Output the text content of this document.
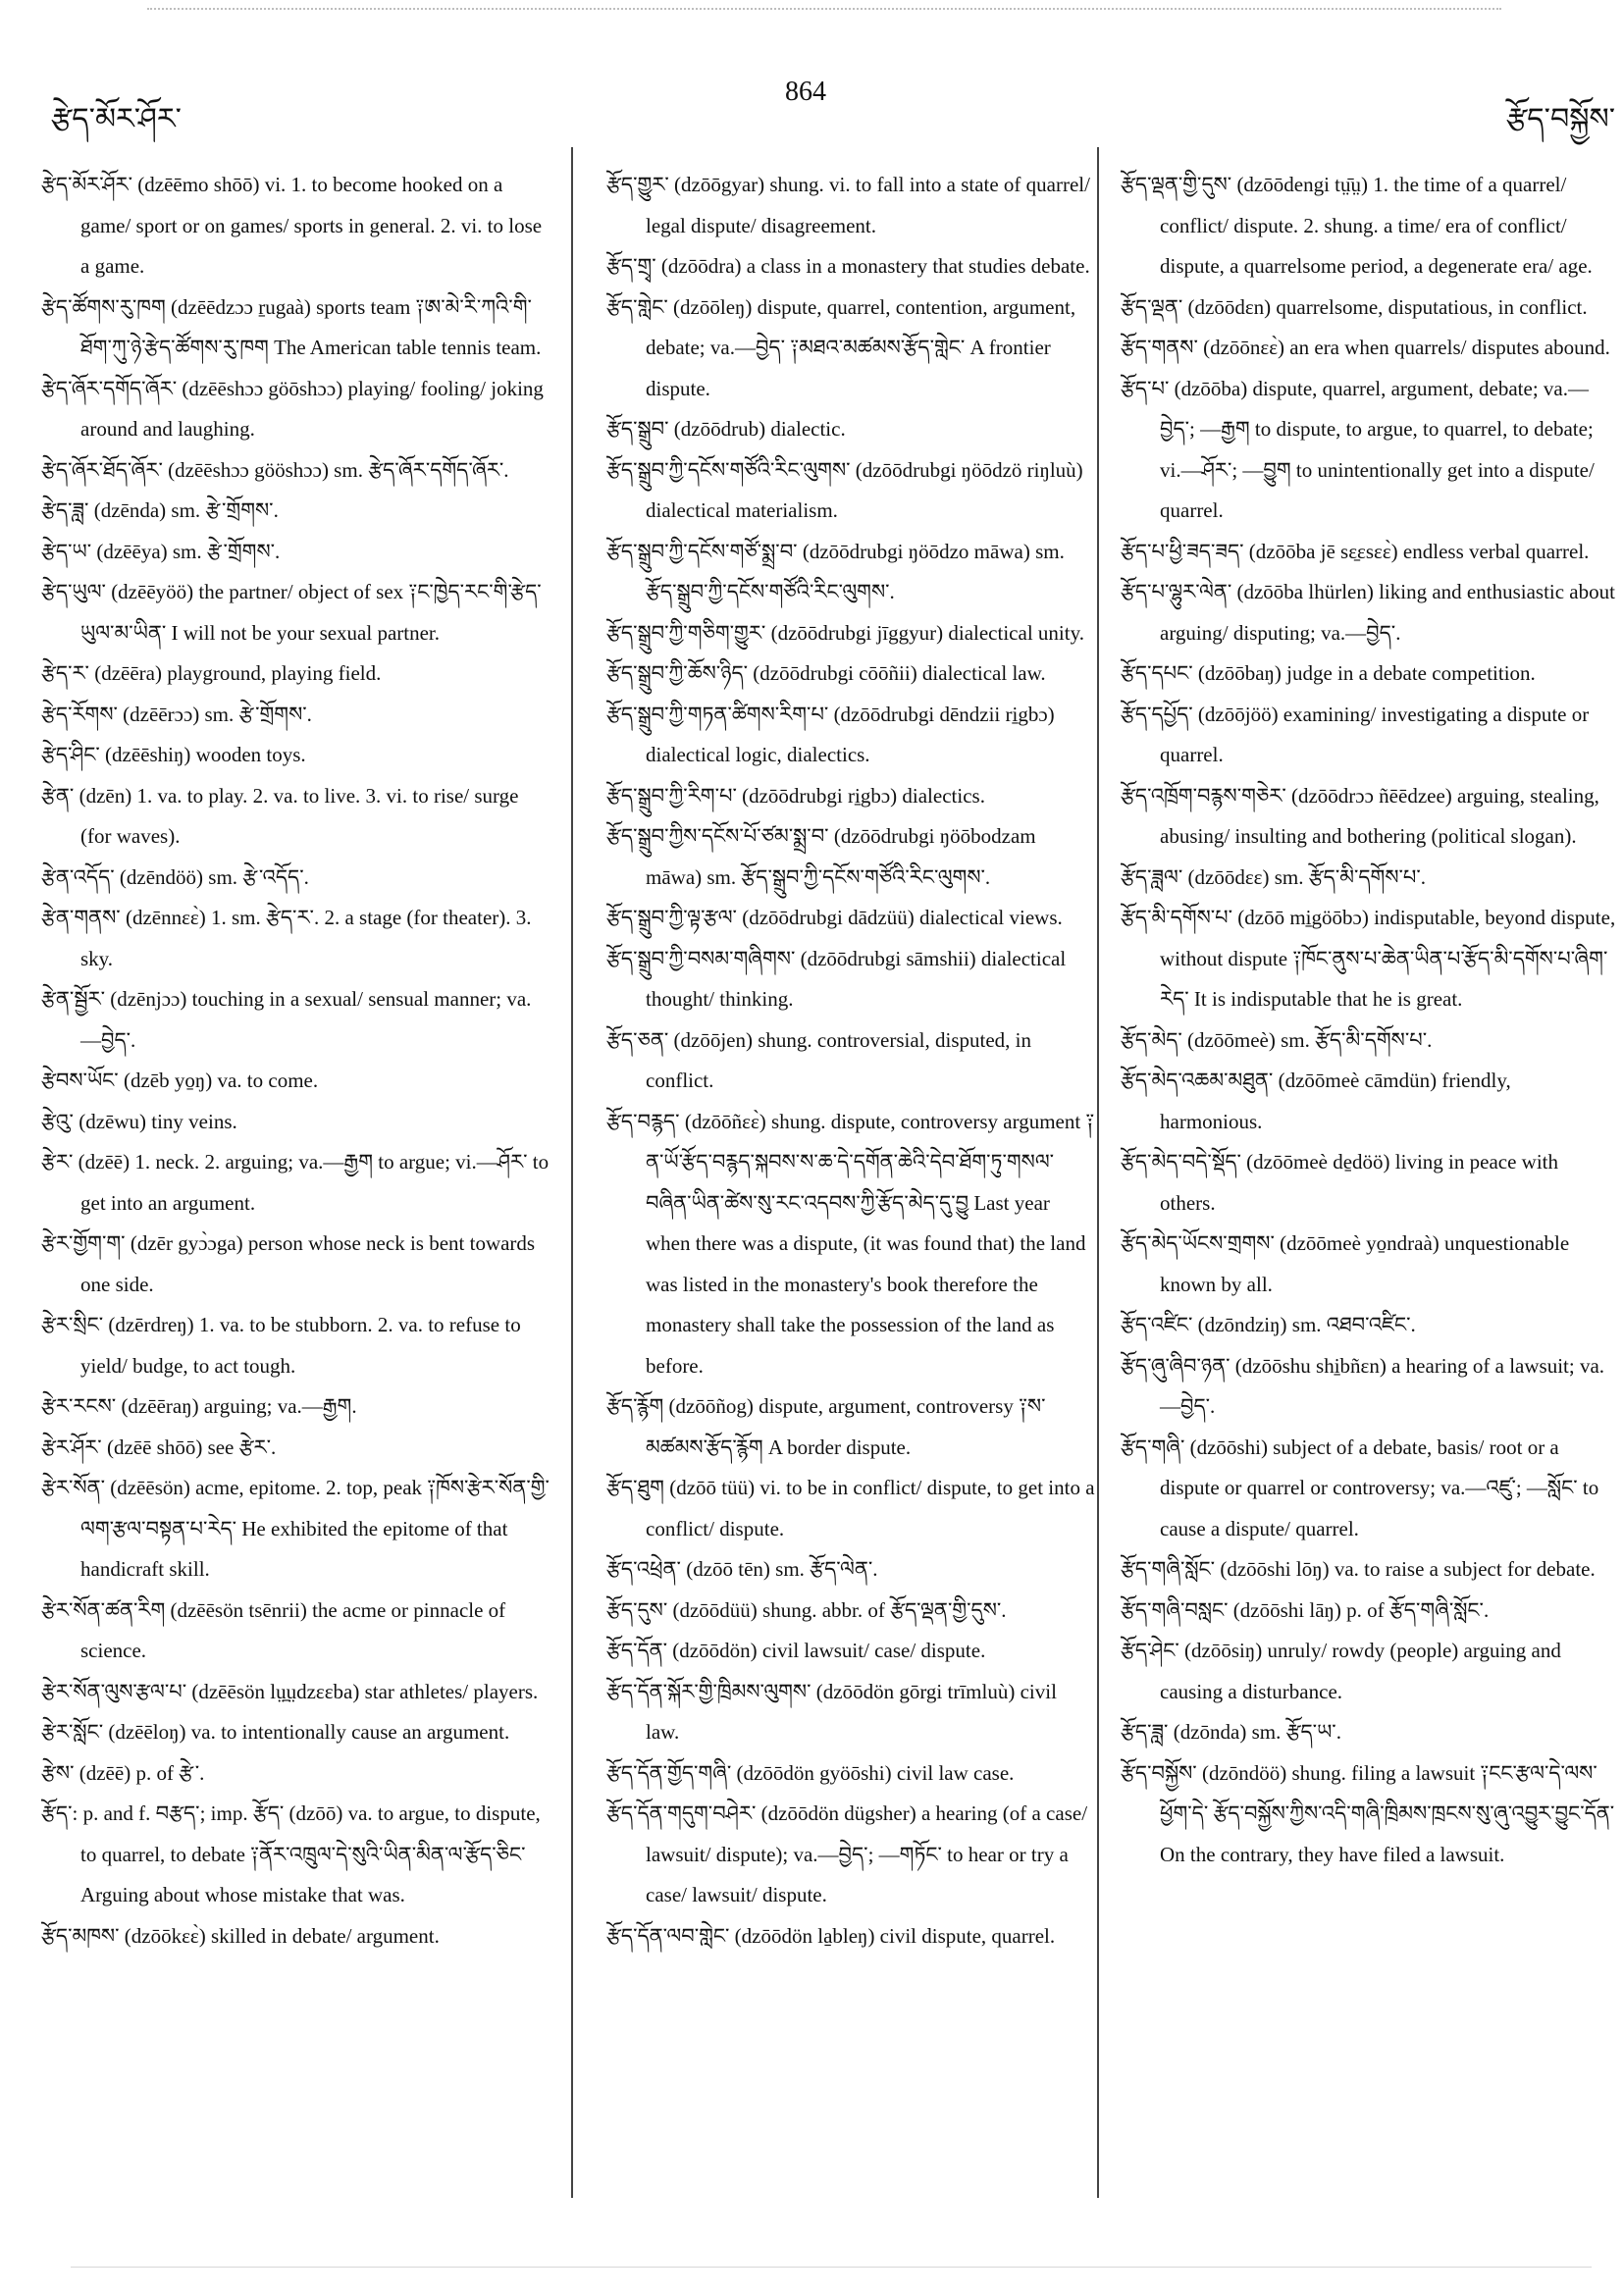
རྩེད་མོར་ཤོར་
864
རྩོད་བསྐྱོས་

རྩེད་མོར་ཤོར་ (dzēēmo shōō) vi. 1. to become hooked on a game/ sport or on games/ sports in general. 2. vi. to lose a game.

རྩེད་ཚོགས་རུ་ཁག (dzēēdzɔɔ ṟugaà) sports team ༑ཨ་མེ་རི་ཀའི་གི་ཐོག་ཀུ་ཉེ་རྩེད་ཚོགས་རུ་ཁག The American table tennis team.

རྩེད་ཞོར་དགོད་ཞོར་ (dzēēshɔɔ göōshɔɔ) playing/ fooling/ joking around and laughing.

རྩེད་ཞོར་ཐོད་ཞོར་ (dzēēshɔɔ gööshɔɔ) sm. རྩེད་ཞོར་དགོད་ཞོར་.

རྩེད་ཟླ་ (dzēnda) sm. རྩེ་གྲོགས་.

རྩེད་ཡ་ (dzēēya) sm. རྩེ་གྲོགས་.

རྩེད་ཡུལ་ (dzēēyöö) the partner/ object of sex ༑ང་ཁྱེད་རང་གི་རྩེད་ཡུལ་མ་ཡིན་ I will not be your sexual partner.

རྩེད་ར་ (dzēēra) playground, playing field.

རྩེད་རོགས་ (dzēērɔɔ) sm. རྩེ་གྲོགས་.

རྩེད་ཤིང་ (dzēēshiŋ) wooden toys.

རྩེན་ (dzēn) 1. va. to play. 2. va. to live. 3. vi. to rise/ surge (for waves).

རྩེན་འདོད་ (dzēndöö) sm. རྩེ་འདོད་.

རྩེན་གནས་ (dzēnnɛɛ̀) 1. sm. རྩེད་ར་. 2. a stage (for theater). 3. sky.

རྩེན་སྦྱོར་ (dzēnjɔɔ) touching in a sexual/ sensual manner; va.—བྱེད་.

རྩེབས་ཡོང་ (dzēb yo̱ŋ) va. to come.

རྩེའུ་ (dzēwu) tiny veins.

རྩེར་ (dzēē) 1. neck. 2. arguing; va.—རྒྱག to argue; vi.—ཤོར་ to get into an argument.

རྩེར་གྱོག་ག་ (dzēr gyɔ̀ɔga) person whose neck is bent towards one side.

རྩེར་སྲིང་ (dzērdreŋ) 1. va. to be stubborn. 2. va. to refuse to yield/ budge, to act tough.

རྩེར་རངས་ (dzēēraŋ) arguing; va.—རྒྱག.

རྩེར་ཤོར་ (dzēē shōō) see རྩེར་.

རྩེར་སོན་ (dzēēsön) acme, epitome. 2. top, peak ༑ཁོས་རྩེར་སོན་གྱི་ལག་རྩལ་བསྟན་པ་རེད་ He exhibited the epitome of that handicraft skill.

རྩེར་སོན་ཚན་རིག (dzēēsön tsēnrii) the acme or pinnacle of science.

རྩེར་སོན་ལུས་རྩལ་པ་ (dzēēsön lṳ̱ṳdzɛɛba) star athletes/ players.

རྩེར་སློང་ (dzēēloŋ) va. to intentionally cause an argument.

རྩེས་ (dzēē) p. of རྩེ་.

རྩོད་: p. and f. བརྩད་; imp. རྩོད་ (dzōō) va. to argue, to dispute, to quarrel, to debate ༑ནོར་འཁྲུལ་དེ་སུའི་ཡིན་མིན་ལ་རྩོད་ཅིང་ Arguing about whose mistake that was.

རྩོད་མཁས་ (dzōōkɛɛ̀) skilled in debate/ argument.

རྩོད་གྱུར་ (dzōōgyar) shung. vi. to fall into a state of quarrel/ legal dispute/ disagreement.

རྩོད་གྲྭ་ (dzōōdra) a class in a monastery that studies debate.

རྩོད་གླེང་ (dzōōleŋ) dispute, quarrel, contention, argument, debate; va.—བྱེད་ ༑མཐའ་མཚམས་རྩོད་གླེང་ A frontier dispute.

རྩོད་སྒྲུབ་ (dzōōdrub) dialectic.

རྩོད་སྒྲུབ་ཀྱི་དངོས་གཙོའི་རིང་ལུགས་ (dzōōdrubgi ŋöōdzö riŋluù) dialectical materialism.

རྩོད་སྒྲུབ་ཀྱི་དངོས་གཙོ་སྨྲ་བ་ (dzōōdrubgi ŋöōdzo māwa) sm. རྩོད་སྒྲུབ་ཀྱི་དངོས་གཙོའི་རིང་ལུགས་.

རྩོད་སྒྲུབ་ཀྱི་གཅིག་གྱུར་ (dzōōdrubgi jīggyur) dialectical unity.

རྩོད་སྒྲུབ་ཀྱི་ཆོས་ཉིད་ (dzōōdrubgi cōōñii) dialectical law.

རྩོད་སྒྲུབ་ཀྱི་གཏན་ཚིགས་རིག་པ་ (dzōōdrubgi dēndzii ri̱gbɔ) dialectical logic, dialectics.

རྩོད་སྒྲུབ་ཀྱི་རིག་པ་ (dzōōdrubgi ri̱gbɔ) dialectics.

རྩོད་སྒྲུབ་ཀྱིས་དངོས་པོ་ཙམ་སྨྲ་བ་ (dzōōdrubgi ŋöōbodzam māwa) sm. རྩོད་སྒྲུབ་ཀྱི་དངོས་གཙོའི་རིང་ལུགས་.

རྩོད་སྒྲུབ་ཀྱི་ལྟ་རྩལ་ (dzōōdrubgi dādzüü) dialectical views.

རྩོད་སྒྲུབ་ཀྱི་བསམ་གཞིགས་ (dzōōdrubgi sāmshii) dialectical thought/ thinking.

རྩོད་ཅན་ (dzōōjen) shung. controversial, disputed, in conflict.

རྩོད་བརྙད་ (dzōōñɛɛ̀) shung. dispute, controversy argument ༑ན་ཡོ་རྩོད་བརྙད་སྐབས་ས་ཆ་དེ་དགོན་ཆེའི་དེབ་ཐོག་ཏུ་གསལ་བཞིན་ཡིན་ཚེས་སུ་རང་འདབས་ཀྱི་རྩོད་མེད་དུ་བྱུ Last year when there was a dispute, (it was found that) the land was listed in the monastery's book therefore the monastery shall take the possession of the land as before.

རྩོད་རྙོག (dzōōñog) dispute, argument, controversy ༑ས་མཚམས་རྩོད་རྙོག A border dispute.

རྩོད་ཐུག (dzōō tüü) vi. to be in conflict/ dispute, to get into a conflict/ dispute.

རྩོད་འཕྲེན་ (dzōō tēn) sm. རྩོད་ལེན་.

རྩོད་དུས་ (dzōōdüü) shung. abbr. of རྩོད་ལྡན་གྱི་དུས་.

རྩོད་དོན་ (dzōōdön) civil lawsuit/ case/ dispute.

རྩོད་དོན་སྐོར་གྱི་ཁྲིམས་ལུགས་ (dzōōdön gōrgi trīmluù) civil law.

རྩོད་དོན་གྱོད་གཞི་ (dzōōdön gyöōshi) civil law case.

རྩོད་དོན་གདུག་བཤེར་ (dzōōdön dügsher) a hearing (of a case/ lawsuit/ dispute); va.—བྱེད་; —གཏོང་ to hear or try a case/ lawsuit/ dispute.

རྩོད་དོན་ལབ་གླེང་ (dzōōdön la̱bleŋ) civil dispute, quarrel.

རྩོད་ལྡན་གྱི་དུས་ (dzōōdengi tṳ̄ṳ) 1. the time of a quarrel/ conflict/ dispute. 2. shung. a time/ era of conflict/ dispute, a quarrelsome period, a degenerate era/ age.

རྩོད་ལྡན་ (dzōōdɛn) quarrelsome, disputatious, in conflict.

རྩོད་གནས་ (dzōōnɛɛ̀) an era when quarrels/ disputes abound.

རྩོད་པ་ (dzōōba) dispute, quarrel, argument, debate; va.—བྱེད་; —རྒྱག to dispute, to argue, to quarrel, to debate; vi.—ཤོར་; —བྱུག to unintentionally get into a dispute/ quarrel.

རྩོད་པ་ཕྱི་ཟད་ཟད་ (dzōōba jē sɛ̱ɛsɛɛ̀) endless verbal quarrel.

རྩོད་པ་ལྷུར་ལེན་ (dzōōba lhürlen) liking and enthusiastic about arguing/ disputing; va.—བྱེད་.

རྩོད་དཔང་ (dzōōbaŋ) judge in a debate competition.

རྩོད་དཔྱོད་ (dzōōjöö) examining/ investigating a dispute or quarrel.

རྩོད་འཁྲོག་བརྙས་གཅེར་ (dzōōdrɔɔ ñēēdzee) arguing, stealing, abusing/ insulting and bothering (political slogan).

རྩོད་ཟླལ་ (dzōōdɛɛ) sm. རྩོད་མི་དགོས་པ་.

རྩོད་མི་དགོས་པ་ (dzōō mi̱göōbɔ) indisputable, beyond dispute, without dispute ༑ཁོང་ནུས་པ་ཆེན་ཡིན་པ་རྩོད་མི་དགོས་པ་ཞིག་རེད་ It is indisputable that he is great.

རྩོད་མེད་ (dzōōmeè) sm. རྩོད་མི་དགོས་པ་.

རྩོད་མེད་འཆམ་མཐུན་ (dzōōmeè cāmdün) friendly, harmonious.

རྩོད་མེད་བདེ་སྡོད་ (dzōōmeè de̱döö) living in peace with others.

རྩོད་མེད་ཡོངས་གྲགས་ (dzōōmeè yo̱ndraà) unquestionable known by all.

རྩོད་འཛིང་ (dzōndziŋ) sm. འཐབ་འཛིང་.

རྩོད་ཞུ་ཞིབ་ཉན་ (dzōōshu shi̱bñɛn) a hearing of a lawsuit; va.—བྱེད་.

རྩོད་གཞི་ (dzōōshi) subject of a debate, basis/ root or a dispute or quarrel or controversy; va.—འཛུ་; —སློང་ to cause a dispute/ quarrel.

རྩོད་གཞི་སློང་ (dzōōshi lōŋ) va. to raise a subject for debate.

རྩོད་གཞི་བསླང་ (dzōōshi lāŋ) p. of རྩོད་གཞི་སློང་.

རྩོད་ཤེང་ (dzōōsiŋ) unruly/ rowdy (people) arguing and causing a disturbance.

རྩོད་ཟླ་ (dzōnda) sm. རྩོད་ཡ་.

རྩོད་བསྐྱོས་ (dzōndöö) shung. filing a lawsuit ༑ངང་རྩལ་དེ་ལས་ཕྱོག་དེ་ རྩོད་བསྐྱོས་ཀྱིས་འདི་གཞི་ཁྲིམས་ཁྲངས་སུ་ཞུ་འབྱུར་བྱུང་དོན་ On the contrary, they have filed a lawsuit.
